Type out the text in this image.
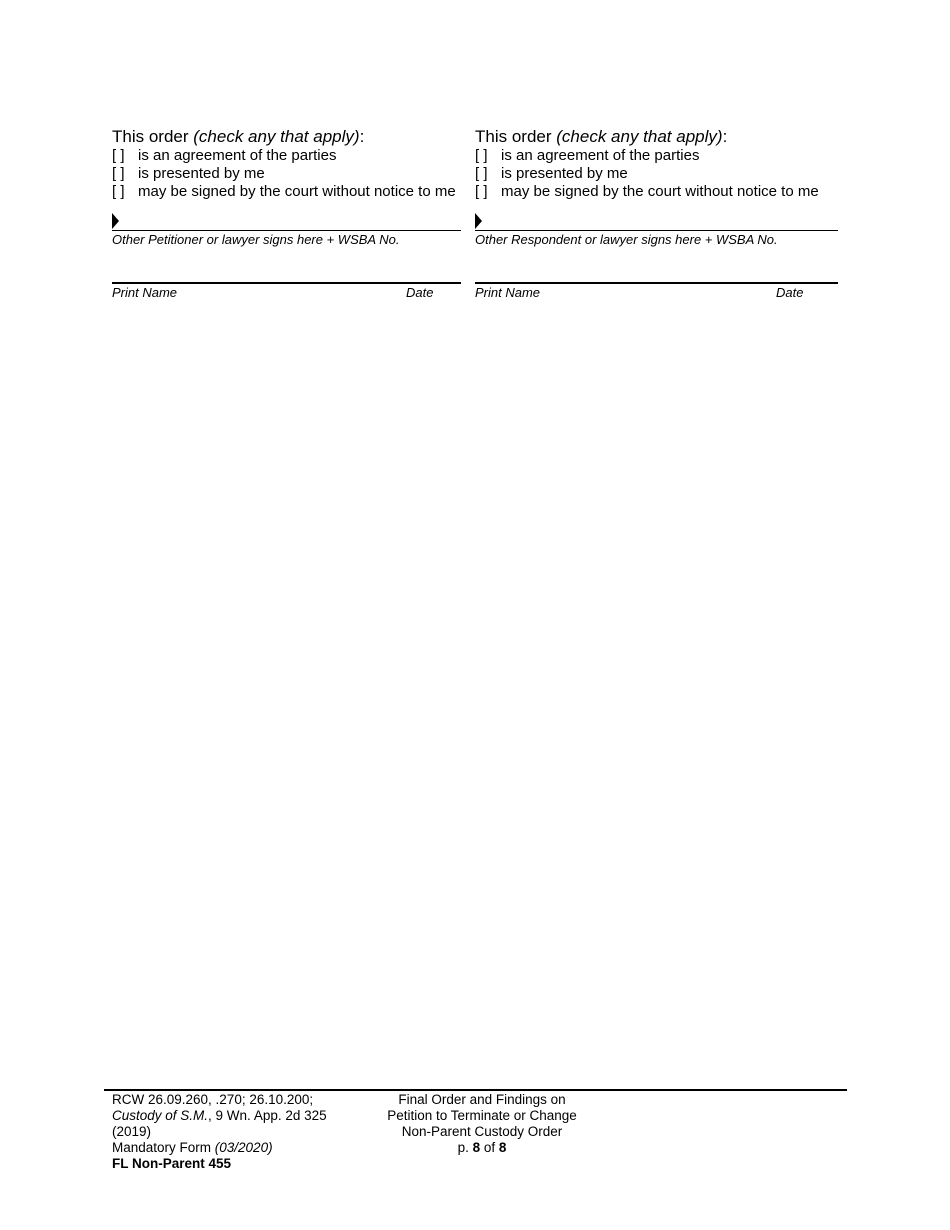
This order (check any that apply):
[ ] is an agreement of the parties
[ ] is presented by me
[ ] may be signed by the court without notice to me
Other Petitioner or lawyer signs here + WSBA No.
Print Name	Date
This order (check any that apply):
[ ] is an agreement of the parties
[ ] is presented by me
[ ] may be signed by the court without notice to me
Other Respondent or lawyer signs here + WSBA No.
Print Name	Date
RCW 26.09.260, .270; 26.10.200;
Custody of S.M., 9 Wn. App. 2d 325
(2019)
Mandatory Form (03/2020)
FL Non-Parent 455
Final Order and Findings on
Petition to Terminate or Change
Non-Parent Custody Order
p. 8 of 8
